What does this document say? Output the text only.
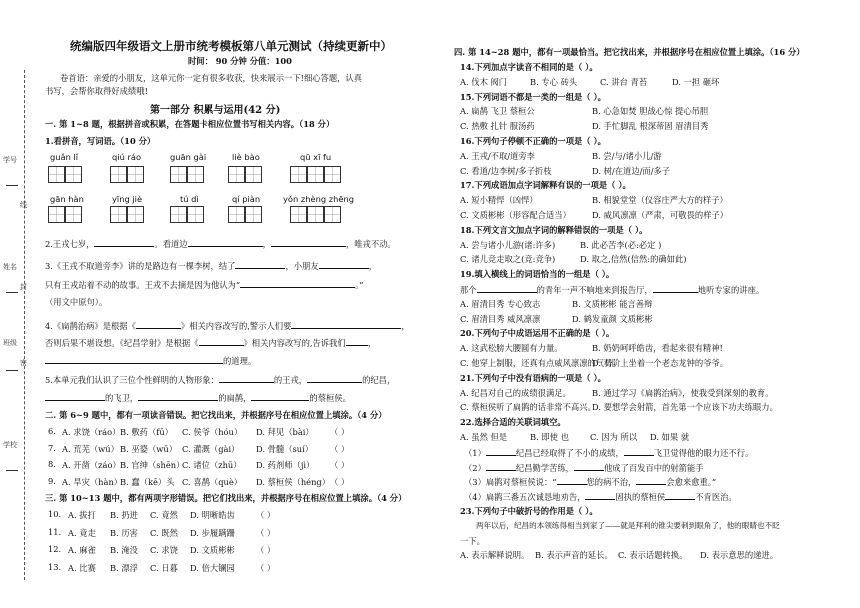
学号
线
姓名
封
班级
密
学校
统编版四年级语文上册市统考模板第八单元测试（持续更新中）
时间： 90 分钟 分值：100
卷首语：亲爱的小朋友，这单元你一定有很多收获，快来展示一下!细心答题，认真
书写，会帮你取得好成绩哦!
第一部分 积累与运用(42 分)
一. 第 1~8 题，根据拼音或积累，在答题卡相应位置书写相关内容。（18 分）
1.看拼音，写词语。（10 分）
guǎn lǐ	qiú ráo	guān gài	liè bào	qū xī fu
gān hàn	yīng jiè	tú dì	qí piàn	yǒn zhèng zhēng
2.王戎七岁，	。看道边	，	，唯戎不动。
3.《王戎不取道旁李》讲的是路边有一棵李树，结了	，小朋友	，
只有王戎站着不动的故事。王戎不去摘是因为他认为“	。”
（用文中原句）。
4.《扁鹊治病》是根据《	》相关内容改写的,警示人们要	，
否则后果不堪设想。《纪昌学射》是根据《	》相关内容改写的,告诉我们	，
的道理。
5.本单元我们认识了三位个性鲜明的人物形象：	的王戎，	的纪昌，
的飞卫，	的扁鹊，	的蔡桓侯。
二. 第 6~9 题中，都有一项读音错误。把它找出来，并根据序号在相应位置上填涂。（4 分）
6. A. 求饶（ráo） B. 敷药（fū） C. 侯爷（hóu） D. 拜见（bài） （ ）
7. A. 荒芜（wú） B. 巫婆（wū） C. 灌溉（gài） D. 骨髓（suí） （ ）
8. A. 开凿（záo） B. 官绅（shēn）
C. 诸位（zhū） D. 药剂师（jì） （ ）
9. A. 旱灾（hàn）
B. 蠢（kē）头 C. 喜鹊（què） D. 蔡桓侯（héng） （ ）
三. 第 10~13 题中，都有两项字形错误。把它们找出来，并根据序号在相应位置上填涂。（4 分）
10. A. 拔打 B. 扔进 C. 竟然 D. 明晰皓齿	（ ）
11. A. 竟走 B. 历害 C. 既然 D. 步履蹒跚	（ ）
12. A. 麻雀 B. 淹没 C. 求饶 D. 文质彬彬	（ ）
13. A. 比赛 B. 漂浮 C. 日暮 D. 倍大镧园	（ ）
四. 第 14~28 题中，都有一项最恰当。把它找出来，并根据序号在相应位置上填涂。（16 分）
14.下列加点字读音不相同的是（ ）。
A. 伐木 阀门	B. 专心 砖头	C. 讲台 青苔	D. 一担 砸坏
15.下列词语不都是一类的一组是（ ）。
A. 扁鹊 飞卫 蔡桓公	B. 心急如焚 胆战心惊 提心吊胆
C. 热敷 扎针 服汤药	D. 手忙脚乱 根深蒂固 眉清目秀
16.下列句子停顿不正确的一项是（ ）。
A. 王戎/不取/道旁李	B. 尝/与/诸小儿/游
C. 看道/边李树/多子折枝	D. 树/在道边/而/多子
17.下列成语加点字词解释有误的一项是（ ）。
A. 短小精悍（凶悍）	B. 相貌堂堂（仪容庄严大方的样子）
C. 文质彬彬（形容配合适当）	D. 威风凛凛（严肃，可敬畏的样子）
18.下列文言文加点字词的解释错误的一项是（ ）。
A. 尝与诸小儿游(诸:许多)	B. 此必苦李(必:必定 )
C. 诸儿竞走取之(竞:竞争)	D. 取之,信然(信然:的确如此)
19.填入横线上的词语恰当的一组是（ ）。
那个	的青年一声不响地来到报告厅，	地听专家的讲座。
A. 眉清目秀 专心致志	B. 文质彬彬 能言善辩
C. 眉清目秀 威风凛凛	D. 鹤发童颜 文质彬彬
20.下列句子中成语运用不正确的是（ ）。
A. 这武松膀大腰圆有力量。	B. 奶奶呵呼皓齿，看起来很有精神!
C. 他穿上制服，还真有点威风凛凛的气势。
D. 石阶上坐着一个老态龙钟的爷爷。
21.下列句子中没有语病的一项是（ ）。
A. 纪昌对自己的成绩很满足。	B. 通过学习《扁鹊治病》，使我受到深刻的教育。
C. 蔡桓侯听了扁鹊的话非常不高兴。
D. 要想学会射箭，首先第一个应该下功夫练眼力。
22.选择合适的关联词填空。
A. 虽然 但是	B. 即使 也	C. 因为 所以 D. 如果 就
（1）	纪昌已经取得了不小的成绩，	飞卫觉得他的眼力还不行。
（2）	纪昌勤学苦练，	他成了百发百中的射箭能手
（3）扁鹊对蔡桓侯说：“	您的病不治，	会愈来愈重。”
（4）扁鹊三番五次诚恳地劝告，	固执的蔡桓侯	不肯医治。
23.下列句子中破折号的作用是（ ）。
两年以后，纪昌的本领练得相当到家了——就是拜利的锥尖要刺到眼角了，他的眼睛也不眨
一下。
A. 表示解释说明。 B. 表示声音的延长。 C. 表示话题转换。 D. 表示意思的递进。
